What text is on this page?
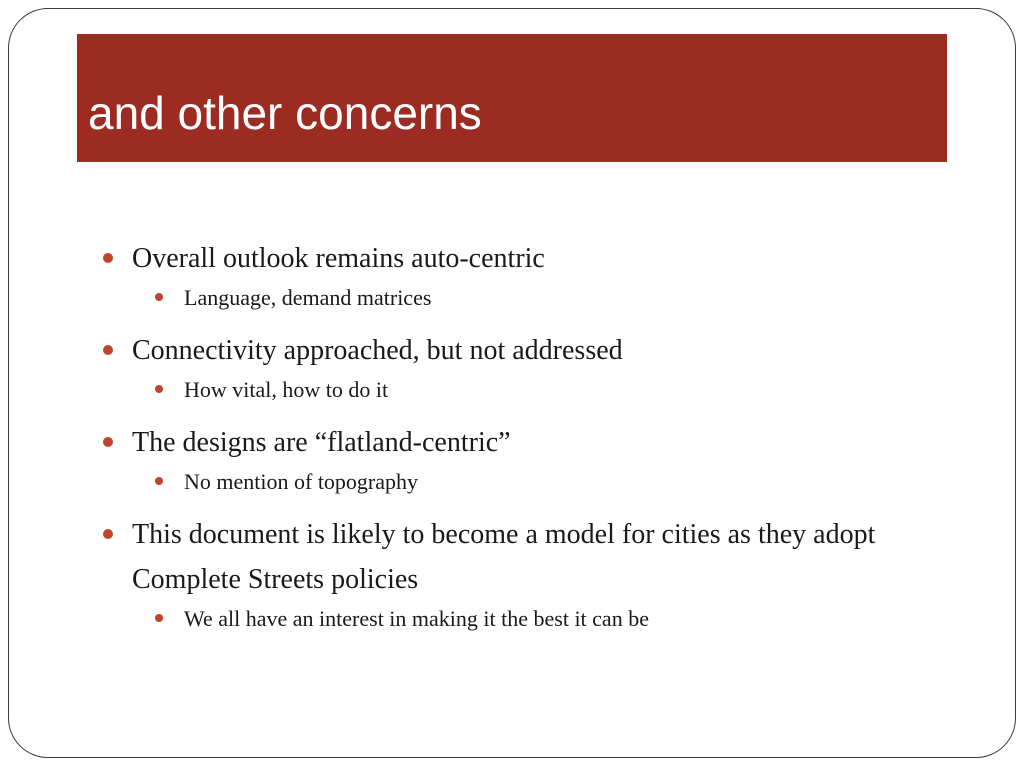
and other concerns
Overall outlook remains auto-centric
Language, demand matrices
Connectivity approached, but not addressed
How vital, how to do it
The designs are “flatland-centric”
No mention of topography
This document is likely to become a model for cities as they adopt Complete Streets policies
We all have an interest in making it the best it can be
